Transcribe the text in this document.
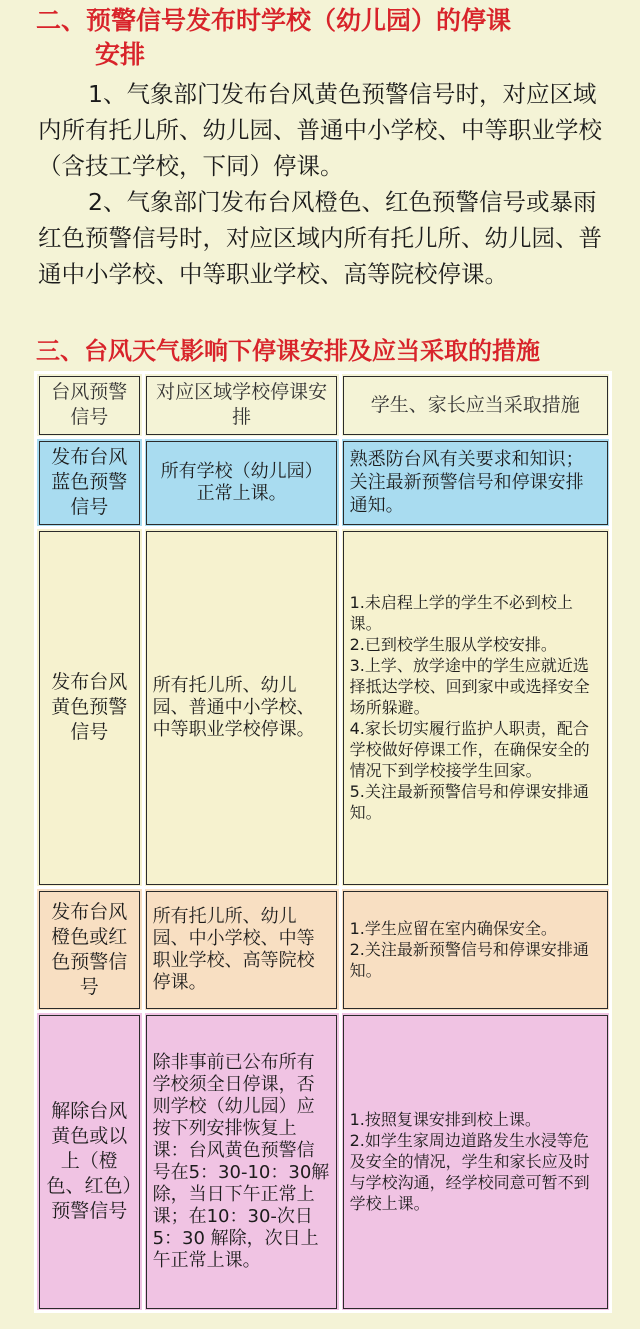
二、预警信号发布时学校（幼儿园）的停课
安排

1、气象部门发布台风黄色预警信号时，对应区域内所有托儿所、幼儿园、普通中小学校、中等职业学校（含技工学校，下同）停课。

2、气象部门发布台风橙色、红色预警信号或暴雨红色预警信号时，对应区域内所有托儿所、幼儿园、普通中小学校、中等职业学校、高等院校停课。

三、台风天气影响下停课安排及应当采取的措施
台风预警信号	对应区域学校停课安排	学生、家长应当采取措施

发布台风蓝色预警信号	所有学校（幼儿园）正常上课。	熟悉防台风有关要求和知识；关注最新预警信号和停课安排通知。

发布台风黄色预警信号	所有托儿所、幼儿园、普通中小学校、中等职业学校停课。	1.未启程上学的学生不必到校上课。
2.已到校学生服从学校安排。
3.上学、放学途中的学生应就近选择抵达学校、回到家中或选择安全场所躲避。
4.家长切实履行监护人职责，配合学校做好停课工作，在确保安全的情况下到学校接学生回家。
5.关注最新预警信号和停课安排通知。

发布台风橙色或红色预警信号	所有托儿所、幼儿园、中小学校、中等职业学校、高等院校停课。	1.学生应留在室内确保安全。
2.关注最新预警信号和停课安排通知。

解除台风黄色或以上（橙色、红色）预警信号	除非事前已公布所有学校须全日停课，否则学校（幼儿园）应按下列安排恢复上课：台风黄色预警信号在5：30-10：30解除，当日下午正常上课；在10：30-次日5：30 解除，次日上午正常上课。	1.按照复课安排到校上课。
2.如学生家周边道路发生水浸等危及安全的情况，学生和家长应及时与学校沟通，经学校同意可暂不到学校上课。
